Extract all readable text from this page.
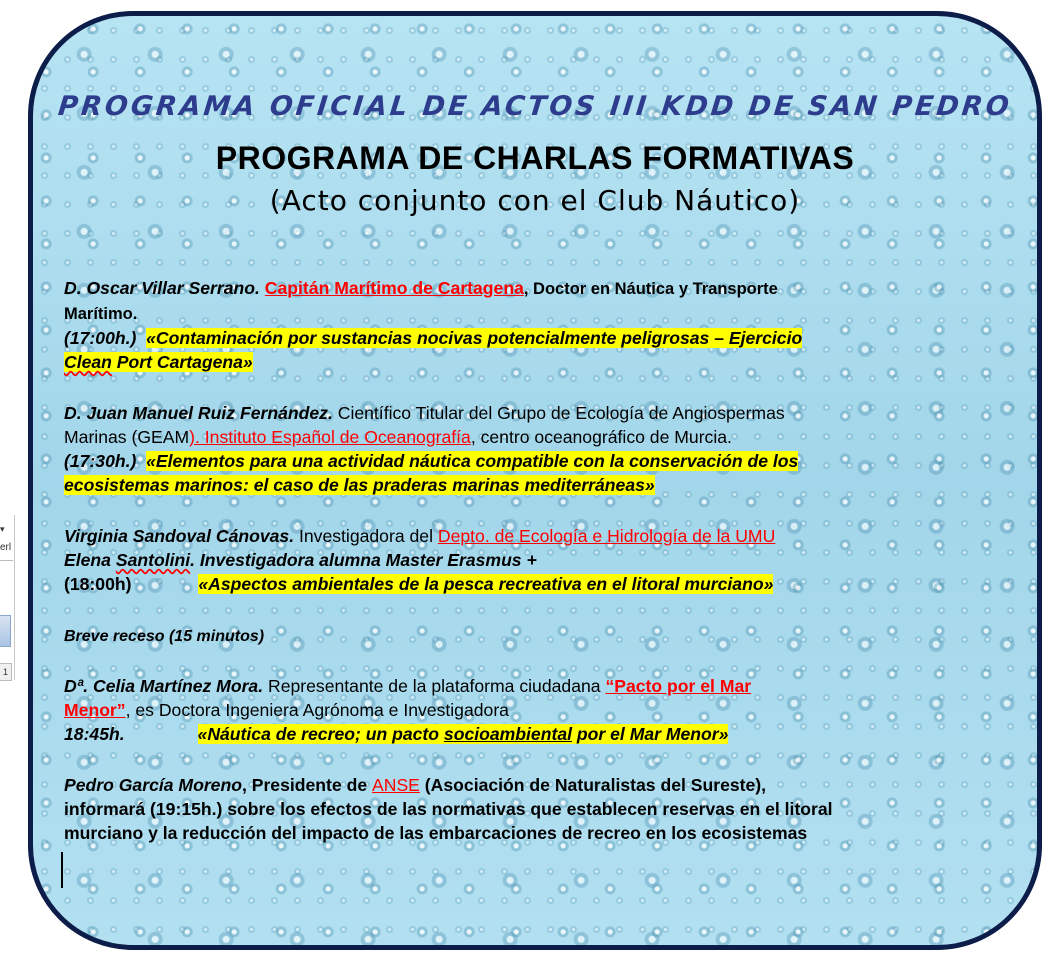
▾
erl
1
PROGRAMA OFICIAL DE ACTOS III KDD DE SAN PEDRO
PROGRAMA DE CHARLAS FORMATIVAS
(Acto conjunto con el Club Náutico)
D. Oscar Villar Serrano. Capitán Marítimo de Cartagena, Doctor en Náutica y Transporte
Marítimo.
(17:00h.) «Contaminación por sustancias nocivas potencialmente peligrosas – Ejercicio
Clean Port Cartagena»
D. Juan Manuel Ruiz Fernández. Científico Titular del Grupo de Ecología de Angiospermas
Marinas (GEAM). Instituto Español de Oceanografía, centro oceanográfico de Murcia.
(17:30h.) «Elementos para una actividad náutica compatible con la conservación de los
ecosistemas marinos: el caso de las praderas marinas mediterráneas»
Virginia Sandoval Cánovas. Investigadora del Depto. de Ecología e Hidrología de la UMU
Elena Santolini. Investigadora alumna Master Erasmus +
(18:00h)	«Aspectos ambientales de la pesca recreativa en el litoral murciano»
Breve receso (15 minutos)
Dª. Celia Martínez Mora. Representante de la plataforma ciudadana “Pacto por el Mar
Menor”, es Doctora Ingeniera Agrónoma e Investigadora
18:45h.	«Náutica de recreo; un pacto socioambiental por el Mar Menor»
Pedro García Moreno, Presidente de ANSE (Asociación de Naturalistas del Sureste),
informará (19:15h.) sobre los efectos de las normativas que establecen reservas en el litoral
murciano y la reducción del impacto de las embarcaciones de recreo en los ecosistemas
